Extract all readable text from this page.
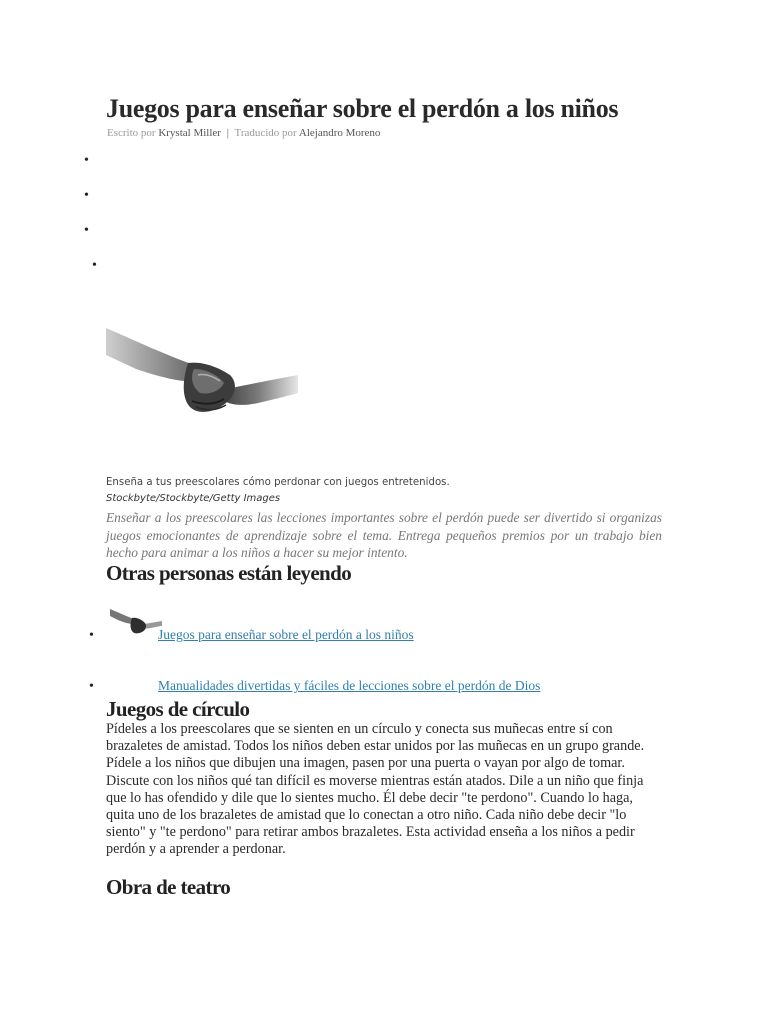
Juegos para enseñar sobre el perdón a los niños
Escrito por Krystal Miller | Traducido por Alejandro Moreno
•
•
•
•
Enseña a tus preescolares cómo perdonar con juegos entretenidos.
Stockbyte/Stockbyte/Getty Images

Enseñar a los preescolares las lecciones importantes sobre el perdón puede ser divertido si organizas juegos emocionantes de aprendizaje sobre el tema. Entrega pequeños premios por un trabajo bien hecho para animar a los niños a hacer su mejor intento.

Otras personas están leyendo
•	Juegos para enseñar sobre el perdón a los niños
•	Manualidades divertidas y fáciles de lecciones sobre el perdón de Dios
Juegos de círculo

Pídeles a los preescolares que se sienten en un círculo y conecta sus muñecas entre sí con brazaletes de amistad. Todos los niños deben estar unidos por las muñecas en un grupo grande. Pídele a los niños que dibujen una imagen, pasen por una puerta o vayan por algo de tomar. Discute con los niños qué tan difícil es moverse mientras están atados. Dile a un niño que finja que lo has ofendido y dile que lo sientes mucho. Él debe decir "te perdono". Cuando lo haga, quita uno de los brazaletes de amistad que lo conectan a otro niño. Cada niño debe decir "lo siento" y "te perdono" para retirar ambos brazaletes. Esta actividad enseña a los niños a pedir perdón y a aprender a perdonar.

Obra de teatro
